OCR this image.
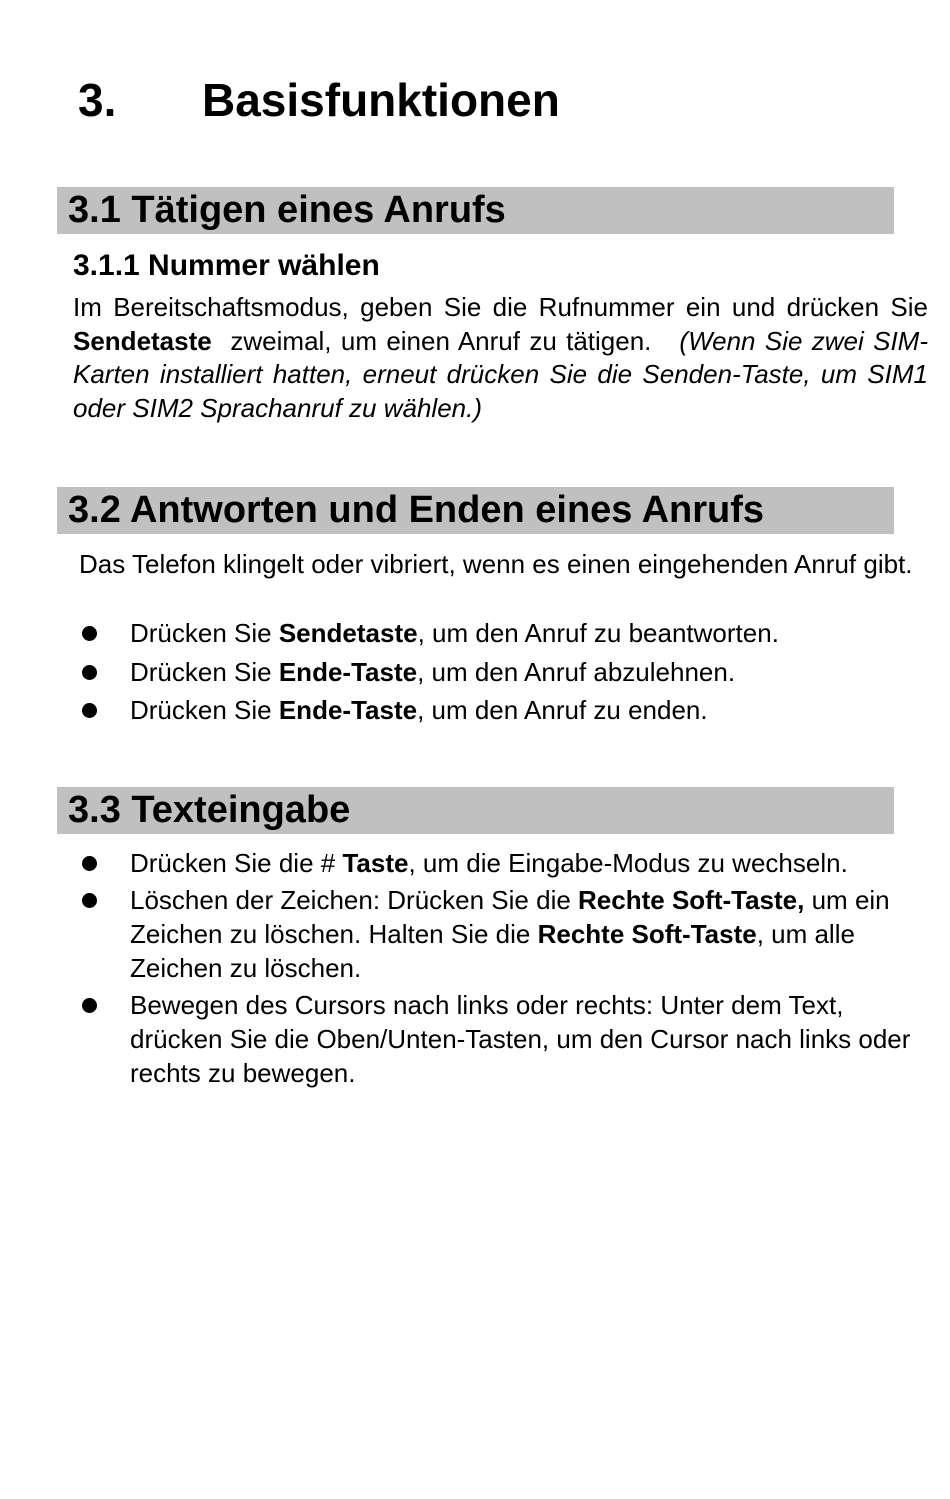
3. Basisfunktionen
3.1 Tätigen eines Anrufs
3.1.1 Nummer wählen

Im Bereitschaftsmodus, geben Sie die Rufnummer ein und drücken Sie Sendetaste  zweimal, um einen Anruf zu tätigen.   (Wenn Sie zwei SIM-Karten installiert hatten, erneut drücken Sie die Senden-Taste, um SIM1 oder SIM2 Sprachanruf zu wählen.)

3.2 Antworten und Enden eines Anrufs

Das Telefon klingelt oder vibriert, wenn es einen eingehenden Anruf gibt.

Drücken Sie Sendetaste, um den Anruf zu beantworten.
Drücken Sie Ende-Taste, um den Anruf abzulehnen.
Drücken Sie Ende-Taste, um den Anruf zu enden.
3.3 Texteingabe
Drücken Sie die # Taste, um die Eingabe-Modus zu wechseln.
Löschen der Zeichen: Drücken Sie die Rechte Soft-Taste, um ein Zeichen zu löschen. Halten Sie die Rechte Soft-Taste, um alle Zeichen zu löschen.
Bewegen des Cursors nach links oder rechts: Unter dem Text, drücken Sie die Oben/Unten-Tasten, um den Cursor nach links oder rechts zu bewegen.
